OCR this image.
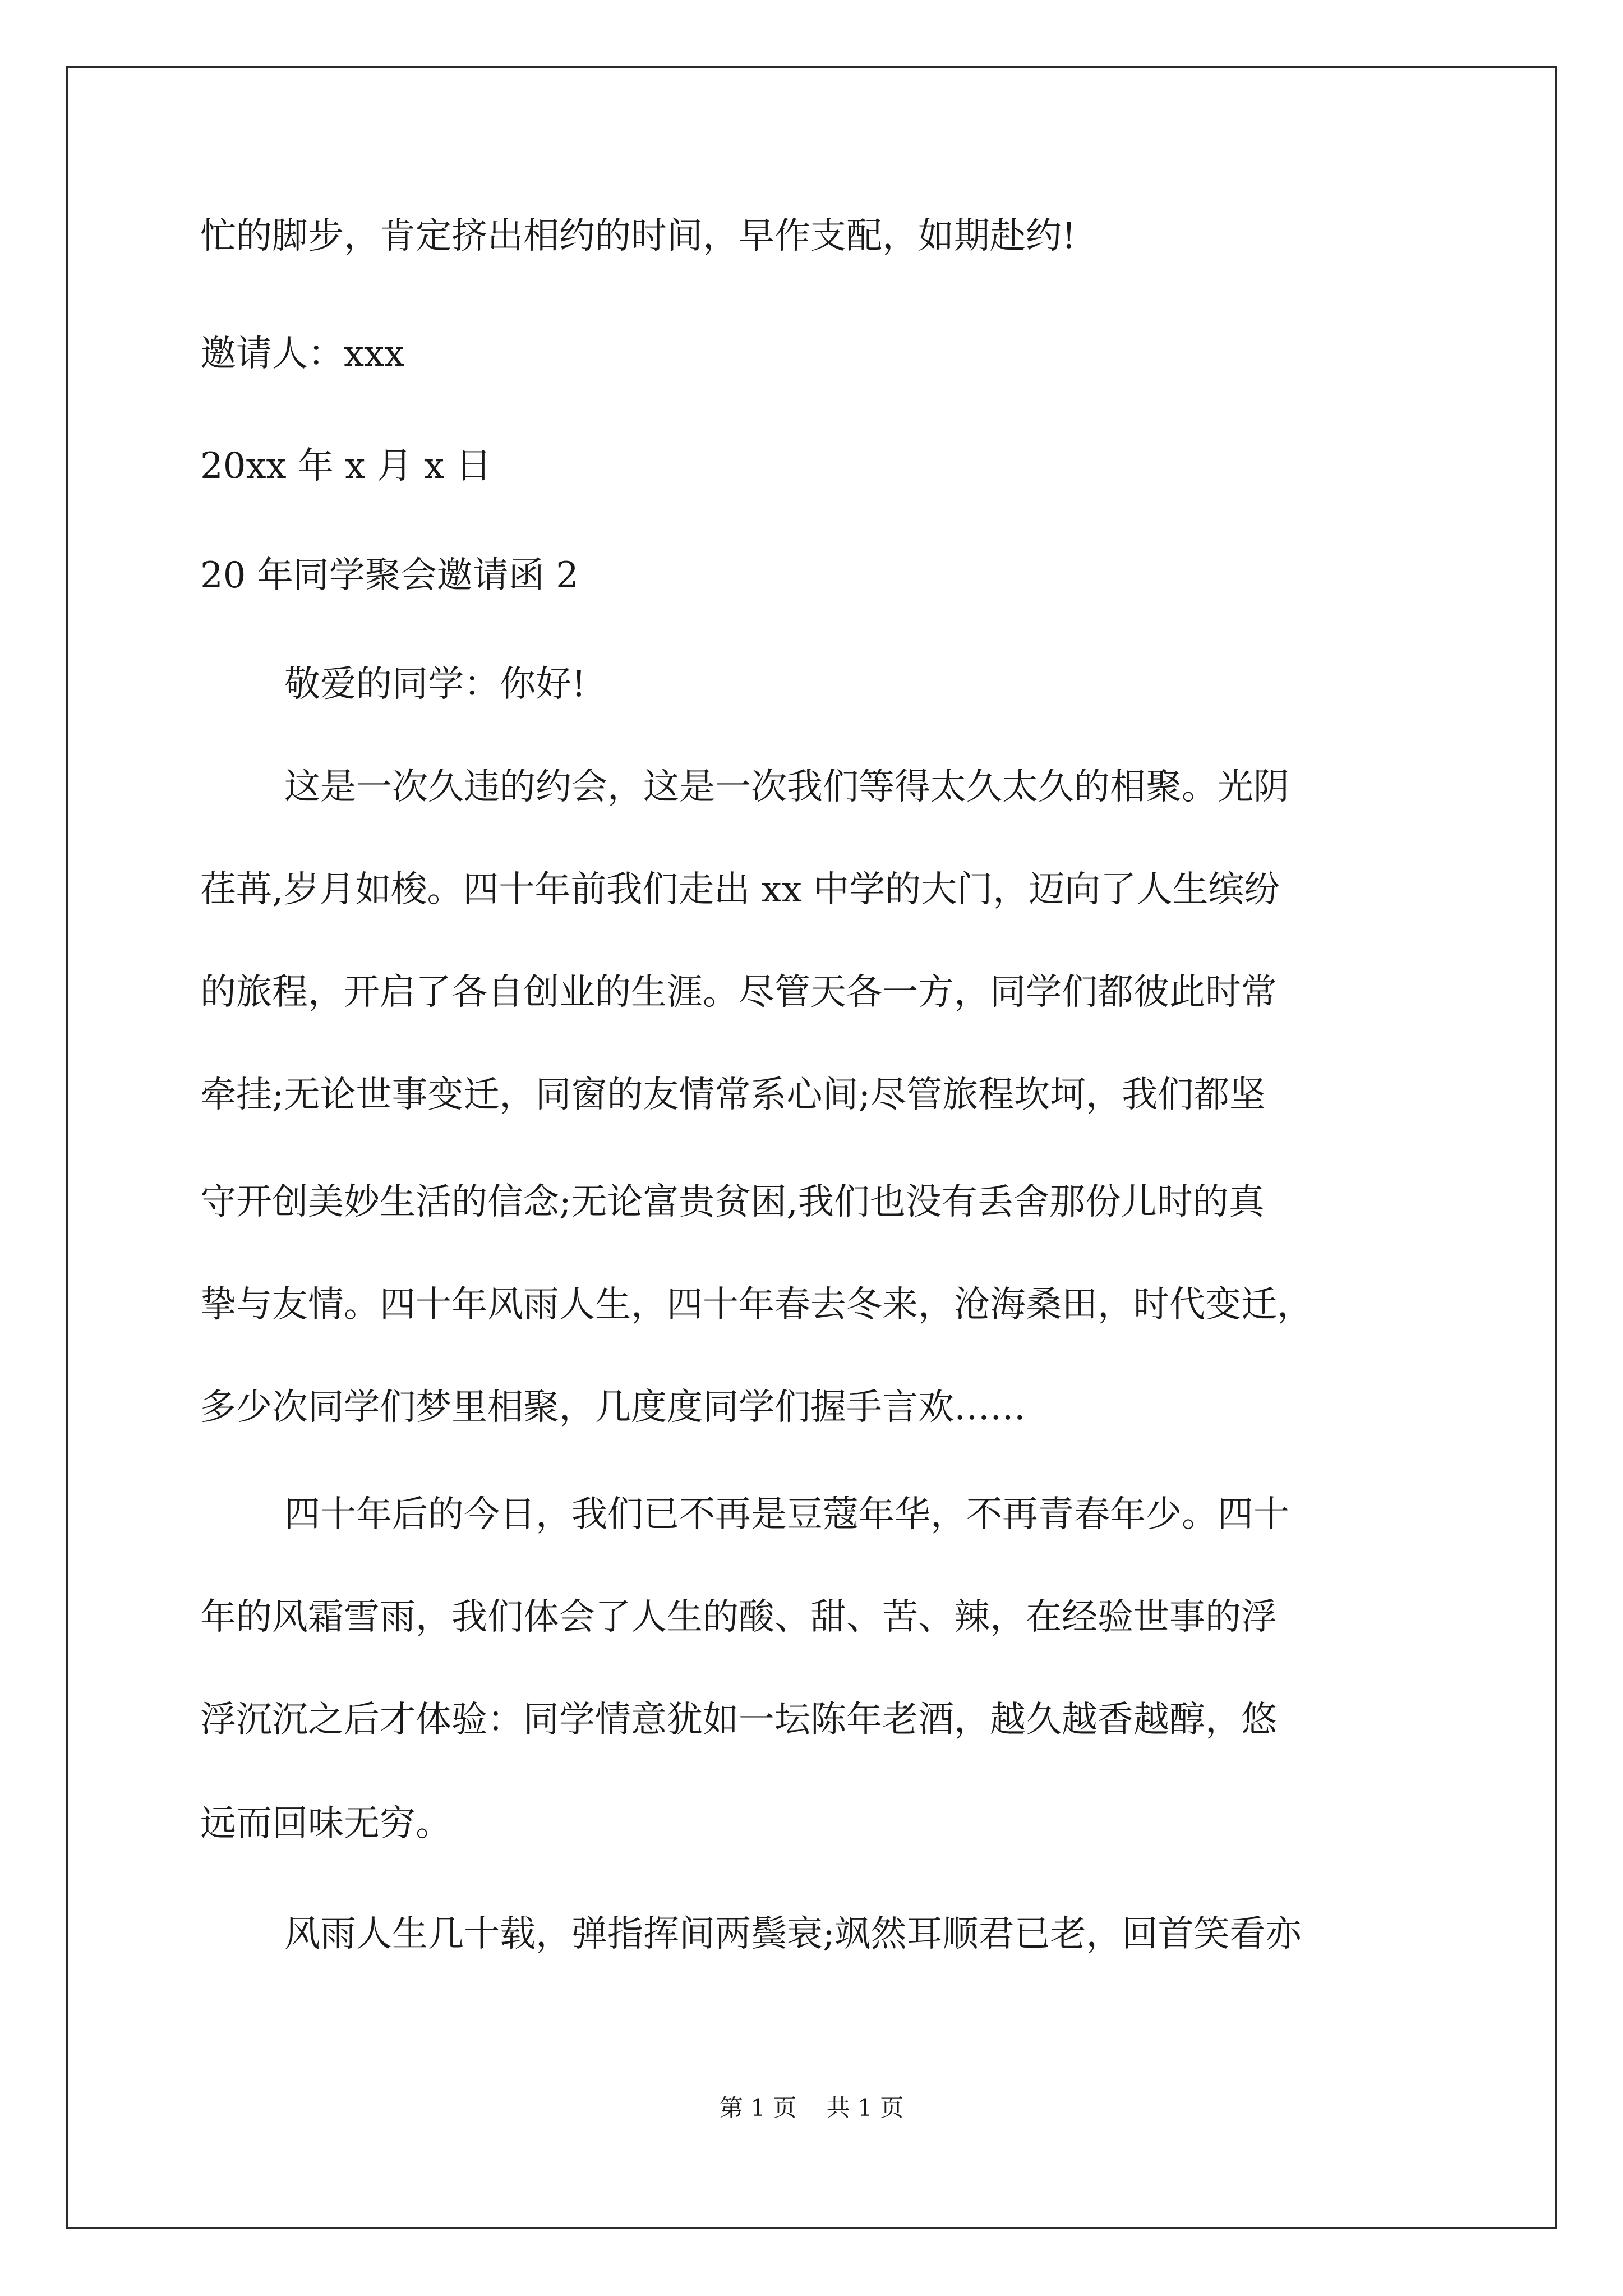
忙的脚步，肯定挤出相约的时间，早作支配，如期赴约!
邀请人：xxx
20xx 年 x 月 x 日
20 年同学聚会邀请函 2
敬爱的同学：你好!
这是一次久违的约会，这是一次我们等得太久太久的相聚。光阴
荏苒,岁月如梭。四十年前我们走出 xx 中学的大门，迈向了人生缤纷
的旅程，开启了各自创业的生涯。尽管天各一方，同学们都彼此时常
牵挂;无论世事变迁，同窗的友情常系心间;尽管旅程坎坷，我们都坚
守开创美妙生活的信念;无论富贵贫困,我们也没有丢舍那份儿时的真
挚与友情。四十年风雨人生，四十年春去冬来，沧海桑田，时代变迁，
多少次同学们梦里相聚，几度度同学们握手言欢……
四十年后的今日，我们已不再是豆蔻年华，不再青春年少。四十
年的风霜雪雨，我们体会了人生的酸、甜、苦、辣，在经验世事的浮
浮沉沉之后才体验：同学情意犹如一坛陈年老酒，越久越香越醇，悠
远而回味无穷。
风雨人生几十载，弹指挥间两鬓衰;飒然耳顺君已老，回首笑看亦
第 1 页    共 1 页
